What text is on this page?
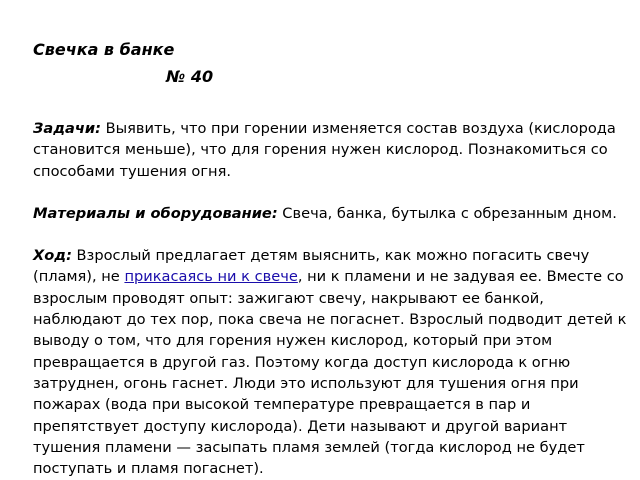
Свечка в банке

№ 40

Задачи: Выявить, что при горении изменяется состав воздуха (кислорода становится меньше), что для горения нужен кислород. Познакомиться со способами тушения огня.

Материалы и оборудование: Свеча, банка, бутылка с обрезанным дном.

Ход: Взрослый предлагает детям выяснить, как можно погасить свечу (пламя), не прикасаясь ни к свече, ни к пламени и не задувая ее. Вместе со взрослым проводят опыт: зажигают свечу, накрывают ее банкой, наблюдают до тех пор, пока свеча не погаснет. Взрослый подводит детей к выводу о том, что для горения нужен кислород, который при этом превращается в другой газ. Поэтому когда доступ кислорода к огню затруднен, огонь гаснет. Люди это используют для тушения огня при пожарах (вода при высокой температуре превращается в пар и препятствует доступу кислорода). Дети называют и другой вариант тушения пламени — засыпать пламя землей (тогда кислород не будет поступать и пламя погаснет).
